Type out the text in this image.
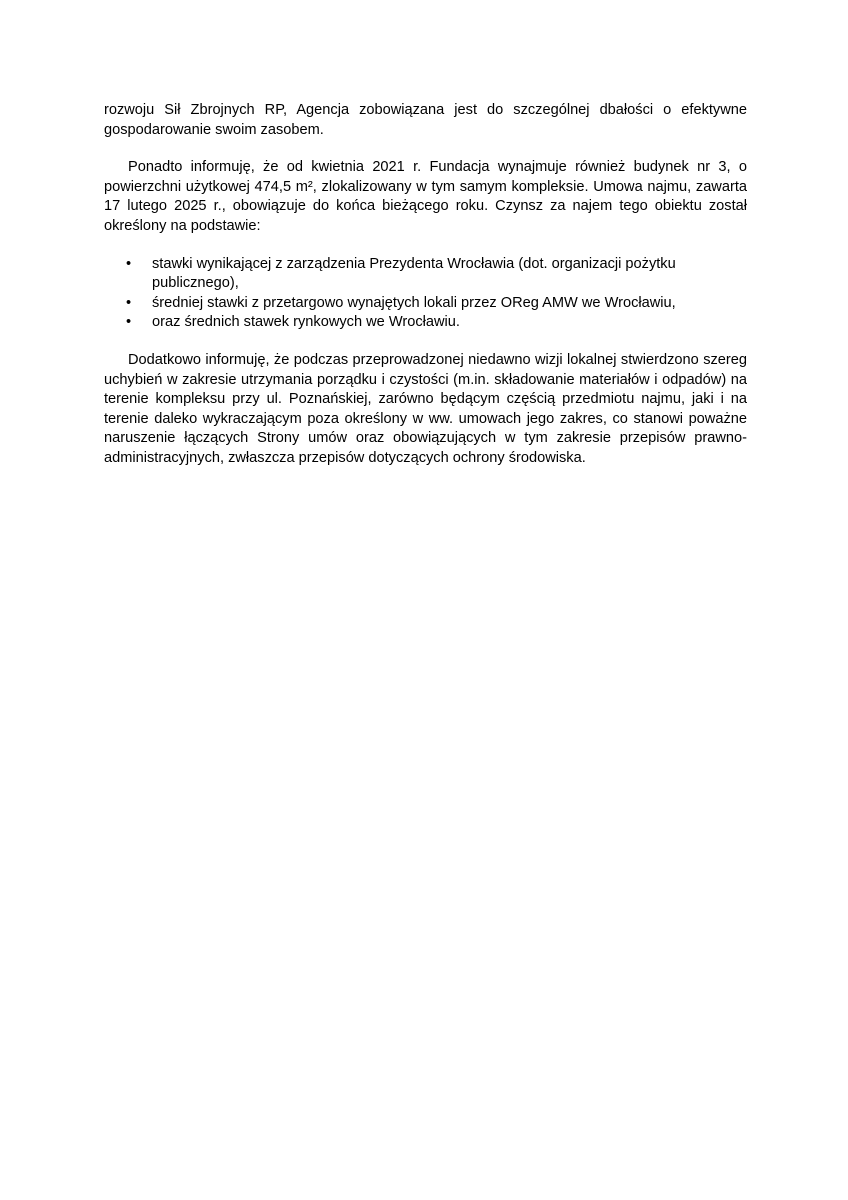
rozwoju Sił Zbrojnych RP, Agencja zobowiązana jest do szczególnej dbałości o efektywne gospodarowanie swoim zasobem.

Ponadto informuję, że od kwietnia 2021 r. Fundacja wynajmuje również budynek nr 3, o powierzchni użytkowej 474,5 m², zlokalizowany w tym samym kompleksie. Umowa najmu, zawarta 17 lutego 2025 r., obowiązuje do końca bieżącego roku. Czynsz za najem tego obiektu został określony na podstawie:

• stawki wynikającej z zarządzenia Prezydenta Wrocławia (dot. organizacji pożytku publicznego),
• średniej stawki z przetargowo wynajętych lokali przez OReg AMW we Wrocławiu,
• oraz średnich stawek rynkowych we Wrocławiu.

Dodatkowo informuję, że podczas przeprowadzonej niedawno wizji lokalnej stwierdzono szereg uchybień w zakresie utrzymania porządku i czystości (m.in. składowanie materiałów i odpadów) na terenie kompleksu przy ul. Poznańskiej, zarówno będącym częścią przedmiotu najmu, jaki i na terenie daleko wykraczającym poza określony w ww. umowach jego zakres, co stanowi poważne naruszenie łączących Strony umów oraz obowiązujących w tym zakresie przepisów prawno-administracyjnych, zwłaszcza przepisów dotyczących ochrony środowiska.
